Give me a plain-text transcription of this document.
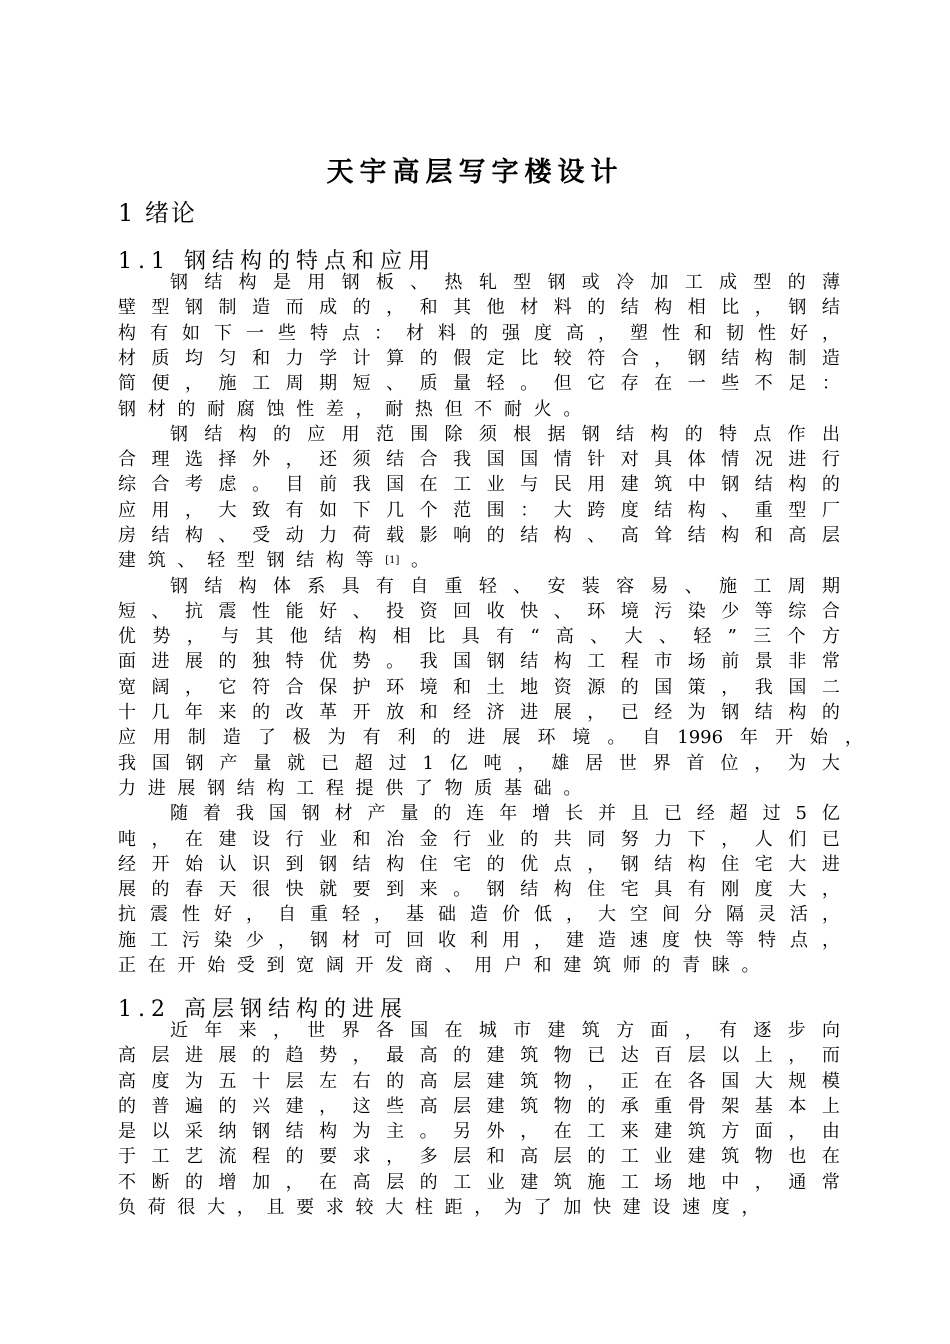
天宇高层写字楼设计
1 绪论
1.1 钢结构的特点和应用
钢 结 构 是 用 钢 板 、 热 轧 型 钢 或 冷 加 工 成 型 的 薄
壁 型 钢 制 造 而 成 的 ， 和 其 他 材 料 的 结 构 相 比 ， 钢 结
构 有 如 下 一 些 特 点 ： 材 料 的 强 度 高 ， 塑 性 和 韧 性 好 ，
材 质 均 匀 和 力 学 计 算 的 假 定 比 较 符 合 ， 钢 结 构 制 造
简 便 ， 施 工 周 期 短 、 质 量 轻 。 但 它 存 在 一 些 不 足 ：
钢 材 的 耐 腐 蚀 性 差 ， 耐 热 但 不 耐 火 。
钢 结 构 的 应 用 范 围 除 须 根 据 钢 结 构 的 特 点 作 出
合 理 选 择 外 ， 还 须 结 合 我 国 国 情 针 对 具 体 情 况 进 行
综 合 考 虑 。 目 前 我 国 在 工 业 与 民 用 建 筑 中 钢 结 构 的
应 用 ， 大 致 有 如 下 几 个 范 围 ： 大 跨 度 结 构 、 重 型 厂
房 结 构 、 受 动 力 荷 载 影 响 的 结 构 、 高 耸 结 构 和 高 层
建 筑 、 轻 型 钢 结 构 等 [1] 。
钢 结 构 体 系 具 有 自 重 轻 、 安 装 容 易 、 施 工 周 期
短 、 抗 震 性 能 好 、 投 资 回 收 快 、 环 境 污 染 少 等 综 合
优 势 ， 与 其 他 结 构 相 比 具 有 “ 高 、 大 、 轻 ” 三 个 方
面 进 展 的 独 特 优 势 。 我 国 钢 结 构 工 程 市 场 前 景 非 常
宽 阔 ， 它 符 合 保 护 环 境 和 土 地 资 源 的 国 策 ， 我 国 二
十 几 年 来 的 改 革 开 放 和 经 济 进 展 ， 已 经 为 钢 结 构 的
应 用 制 造 了 极 为 有 利 的 进 展 环 境 。 自 1996 年 开 始 ，
我 国 钢 产 量 就 已 超 过 1 亿 吨 ， 雄 居 世 界 首 位 ， 为 大
力 进 展 钢 结 构 工 程 提 供 了 物 质 基 础 。
随 着 我 国 钢 材 产 量 的 连 年 增 长 并 且 已 经 超 过 5 亿
吨 ， 在 建 设 行 业 和 冶 金 行 业 的 共 同 努 力 下 ， 人 们 已
经 开 始 认 识 到 钢 结 构 住 宅 的 优 点 ， 钢 结 构 住 宅 大 进
展 的 春 天 很 快 就 要 到 来 。 钢 结 构 住 宅 具 有 刚 度 大 ，
抗 震 性 好 ， 自 重 轻 ， 基 础 造 价 低 ， 大 空 间 分 隔 灵 活 ，
施 工 污 染 少 ， 钢 材 可 回 收 利 用 ， 建 造 速 度 快 等 特 点 ，
正 在 开 始 受 到 宽 阔 开 发 商 、 用 户 和 建 筑 师 的 青 睐 。
1.2 高层钢结构的进展
近 年 来 ， 世 界 各 国 在 城 市 建 筑 方 面 ， 有 逐 步 向
高 层 进 展 的 趋 势 ， 最 高 的 建 筑 物 已 达 百 层 以 上 ， 而
高 度 为 五 十 层 左 右 的 高 层 建 筑 物 ， 正 在 各 国 大 规 模
的 普 遍 的 兴 建 ， 这 些 高 层 建 筑 物 的 承 重 骨 架 基 本 上
是 以 采 纳 钢 结 构 为 主 。 另 外 ， 在 工 来 建 筑 方 面 ， 由
于 工 艺 流 程 的 要 求 ， 多 层 和 高 层 的 工 业 建 筑 物 也 在
不 断 的 增 加 ， 在 高 层 的 工 业 建 筑 施 工 场 地 中 ， 通 常
负 荷 很 大 ， 且 要 求 较 大 柱 距 ， 为 了 加 快 建 设 速 度 ，
